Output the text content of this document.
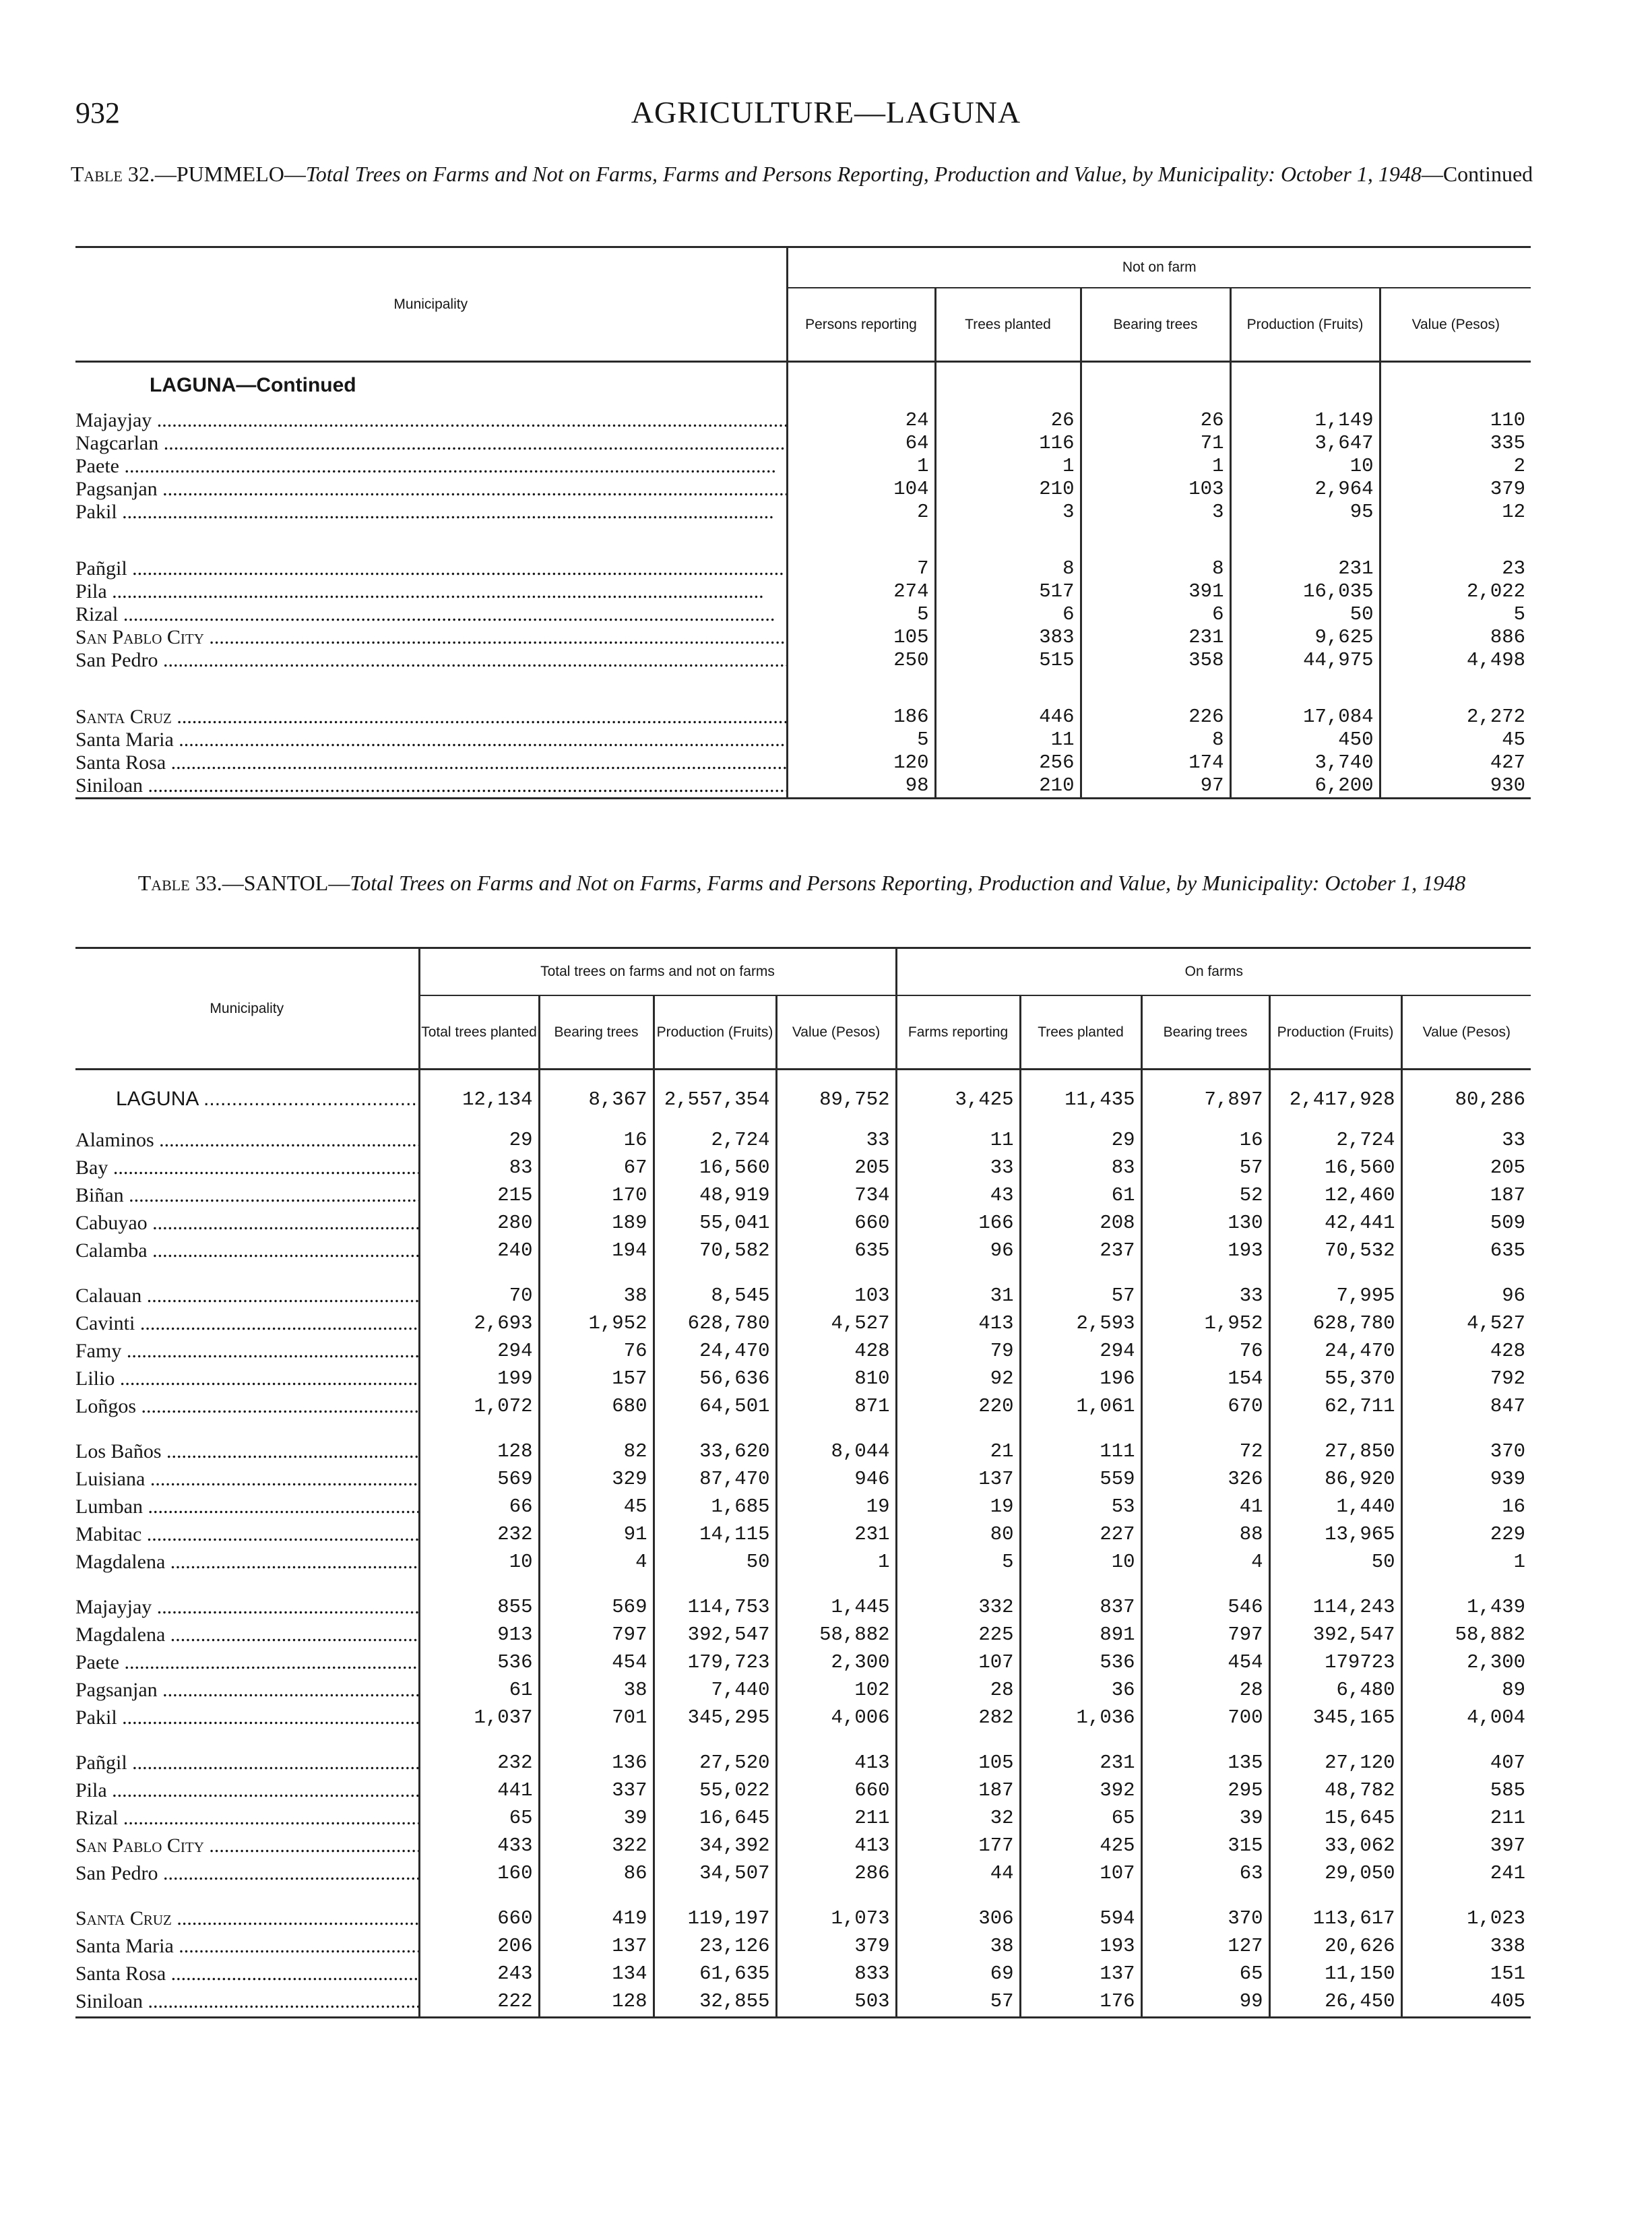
932	AGRICULTURE—LAGUNA
Table 32.—PUMMELO—Total Trees on Farms and Not on Farms, Farms and Persons Reporting, Production and Value, by Municipality: October 1, 1948—Continued
Municipality	Not on farm				
	Persons reporting	Trees planted	Bearing trees	Production (Fruits)	Value (Pesos)
LAGUNA—Continued					
Majayjay .....	24	26	26	1,149	110
Nagcarlan .....	64	116	71	3,647	335
Paete .....	1	1	1	10	2
Pagsanjan .....	104	210	103	2,964	379
Pakil .....	2	3	3	95	12

Pañgil .....	7	8	8	231	23
Pila .....	274	517	391	16,035	2,022
Rizal .....	5	6	6	50	5
San Pablo City .....	105	383	231	9,625	886
San Pedro .....	250	515	358	44,975	4,498

Santa Cruz .....	186	446	226	17,084	2,272
Santa Maria .....	5	11	8	450	45
Santa Rosa .....	120	256	174	3,740	427
Siniloan .....	98	210	97	6,200	930
Table 33.—SANTOL—Total Trees on Farms and Not on Farms, Farms and Persons Reporting, Production and Value, by Municipality: October 1, 1948
Municipality	Total trees on farms and not on farms				On farms				
	Total trees planted	Bearing trees	Production (Fruits)	Value (Pesos)	Farms reporting	Trees planted	Bearing trees	Production (Fruits)	Value (Pesos)
LAGUNA .....	12,134	8,367	2,557,354	89,752	3,425	11,435	7,897	2,417,928	80,286
Alaminos .....	29	16	2,724	33	11	29	16	2,724	33
Bay .....	83	67	16,560	205	33	83	57	16,560	205
Biñan .....	215	170	48,919	734	43	61	52	12,460	187
Cabuyao .....	280	189	55,041	660	166	208	130	42,441	509
Calamba .....	240	194	70,582	635	96	237	193	70,532	635

Calauan .....	70	38	8,545	103	31	57	33	7,995	96
Cavinti .....	2,693	1,952	628,780	4,527	413	2,593	1,952	628,780	4,527
Famy .....	294	76	24,470	428	79	294	76	24,470	428
Lilio .....	199	157	56,636	810	92	196	154	55,370	792
Loñgos .....	1,072	680	64,501	871	220	1,061	670	62,711	847

Los Baños .....	128	82	33,620	8,044	21	111	72	27,850	370
Luisiana .....	569	329	87,470	946	137	559	326	86,920	939
Lumban .....	66	45	1,685	19	19	53	41	1,440	16
Mabitac .....	232	91	14,115	231	80	227	88	13,965	229
Magdalena .....	10	4	50	1	5	10	4	50	1

Majayjay .....	855	569	114,753	1,445	332	837	546	114,243	1,439
Magdalena .....	913	797	392,547	58,882	225	891	797	392,547	58,882
Paete .....	536	454	179,723	2,300	107	536	454	179723	2,300
Pagsanjan .....	61	38	7,440	102	28	36	28	6,480	89
Pakil .....	1,037	701	345,295	4,006	282	1,036	700	345,165	4,004

Pañgil .....	232	136	27,520	413	105	231	135	27,120	407
Pila .....	441	337	55,022	660	187	392	295	48,782	585
Rizal .....	65	39	16,645	211	32	65	39	15,645	211
San Pablo City .....	433	322	34,392	413	177	425	315	33,062	397
San Pedro .....	160	86	34,507	286	44	107	63	29,050	241

Santa Cruz .....	660	419	119,197	1,073	306	594	370	113,617	1,023
Santa Maria .....	206	137	23,126	379	38	193	127	20,626	338
Santa Rosa .....	243	134	61,635	833	69	137	65	11,150	151
Siniloan .....	222	128	32,855	503	57	176	99	26,450	405
